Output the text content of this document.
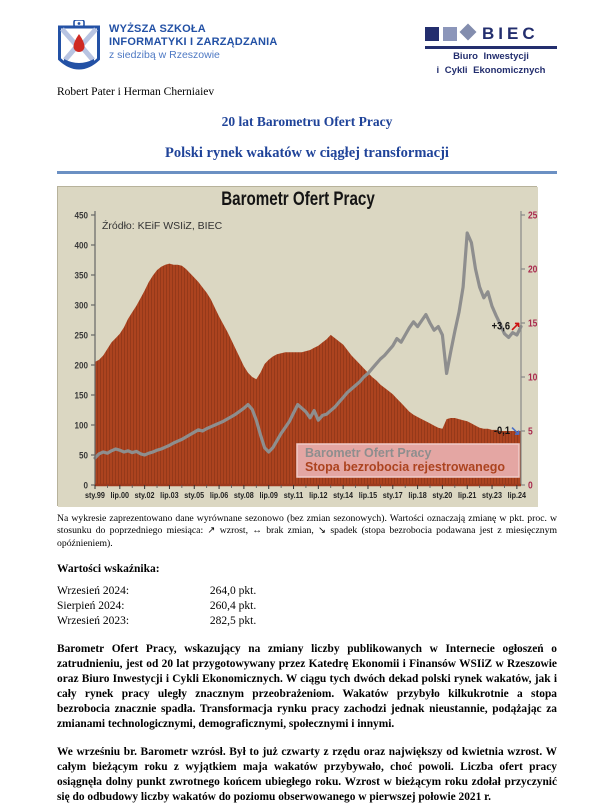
WYŻSZA SZKOŁA
INFORMATYKI I ZARZĄDZANIA
z siedzibą w Rzeszowie
BIEC
Biuro Inwestycji
i Cykli Ekonomicznych
Robert Pater i Herman Cherniaiev
20 lat Barometru Ofert Pracy
Polski rynek wakatów w ciągłej transformacji
0
50
100
150
200
250
300
350
400
450
0
5
10
15
20
25
sty.99 lip.00 sty.02 lip.03 sty.05 lip.06 sty.08 lip.09 sty.11 lip.12 sty.14 lip.15 sty.17 lip.18 sty.20 lip.21 sty.23 lip.24
Barometr Ofert Pracy
Źródło: KEiF WSIiZ, BIEC
Barometr Ofert Pracy
Stopa bezrobocia rejestrowanego
+3,6 ↗
-0,1 ↘
Na wykresie zaprezentowano dane wyrównane sezonowo (bez zmian sezonowych). Wartości oznaczają zmianę w pkt. proc. w stosunku do poprzedniego miesiąca: ↗ wzrost, ↔ brak zmian, ↘ spadek (stopa bezrobocia podawana jest z miesięcznym opóźnieniem).
Wartości wskaźnika:
Wrzesień 2024:	264,0 pkt.
Sierpień 2024:	260,4 pkt.
Wrzesień 2023:	282,5 pkt.

Barometr Ofert Pracy, wskazujący na zmiany liczby publikowanych w Internecie ogłoszeń o zatrudnieniu, jest od 20 lat przygotowywany przez Katedrę Ekonomii i Finansów WSIiZ w Rzeszowie oraz Biuro Inwestycji i Cykli Ekonomicznych. W ciągu tych dwóch dekad polski rynek wakatów, jak i cały rynek pracy uległy znacznym przeobrażeniom. Wakatów przybyło kilkukrotnie a stopa bezrobocia znacznie spadła. Transformacja rynku pracy zachodzi jednak nieustannie, podążając za zmianami technologicznymi, demograficznymi, społecznymi i innymi.

We wrześniu br. Barometr wzrósł. Był to już czwarty z rzędu oraz największy od kwietnia wzrost. W całym bieżącym roku z wyjątkiem maja wakatów przybywało, choć powoli. Liczba ofert pracy osiągnęła dolny punkt zwrotnego końcem ubiegłego roku. Wzrost w bieżącym roku zdołał przyczynić się do odbudowy liczby wakatów do poziomu obserwowanego w pierwszej połowie 2021 r.
